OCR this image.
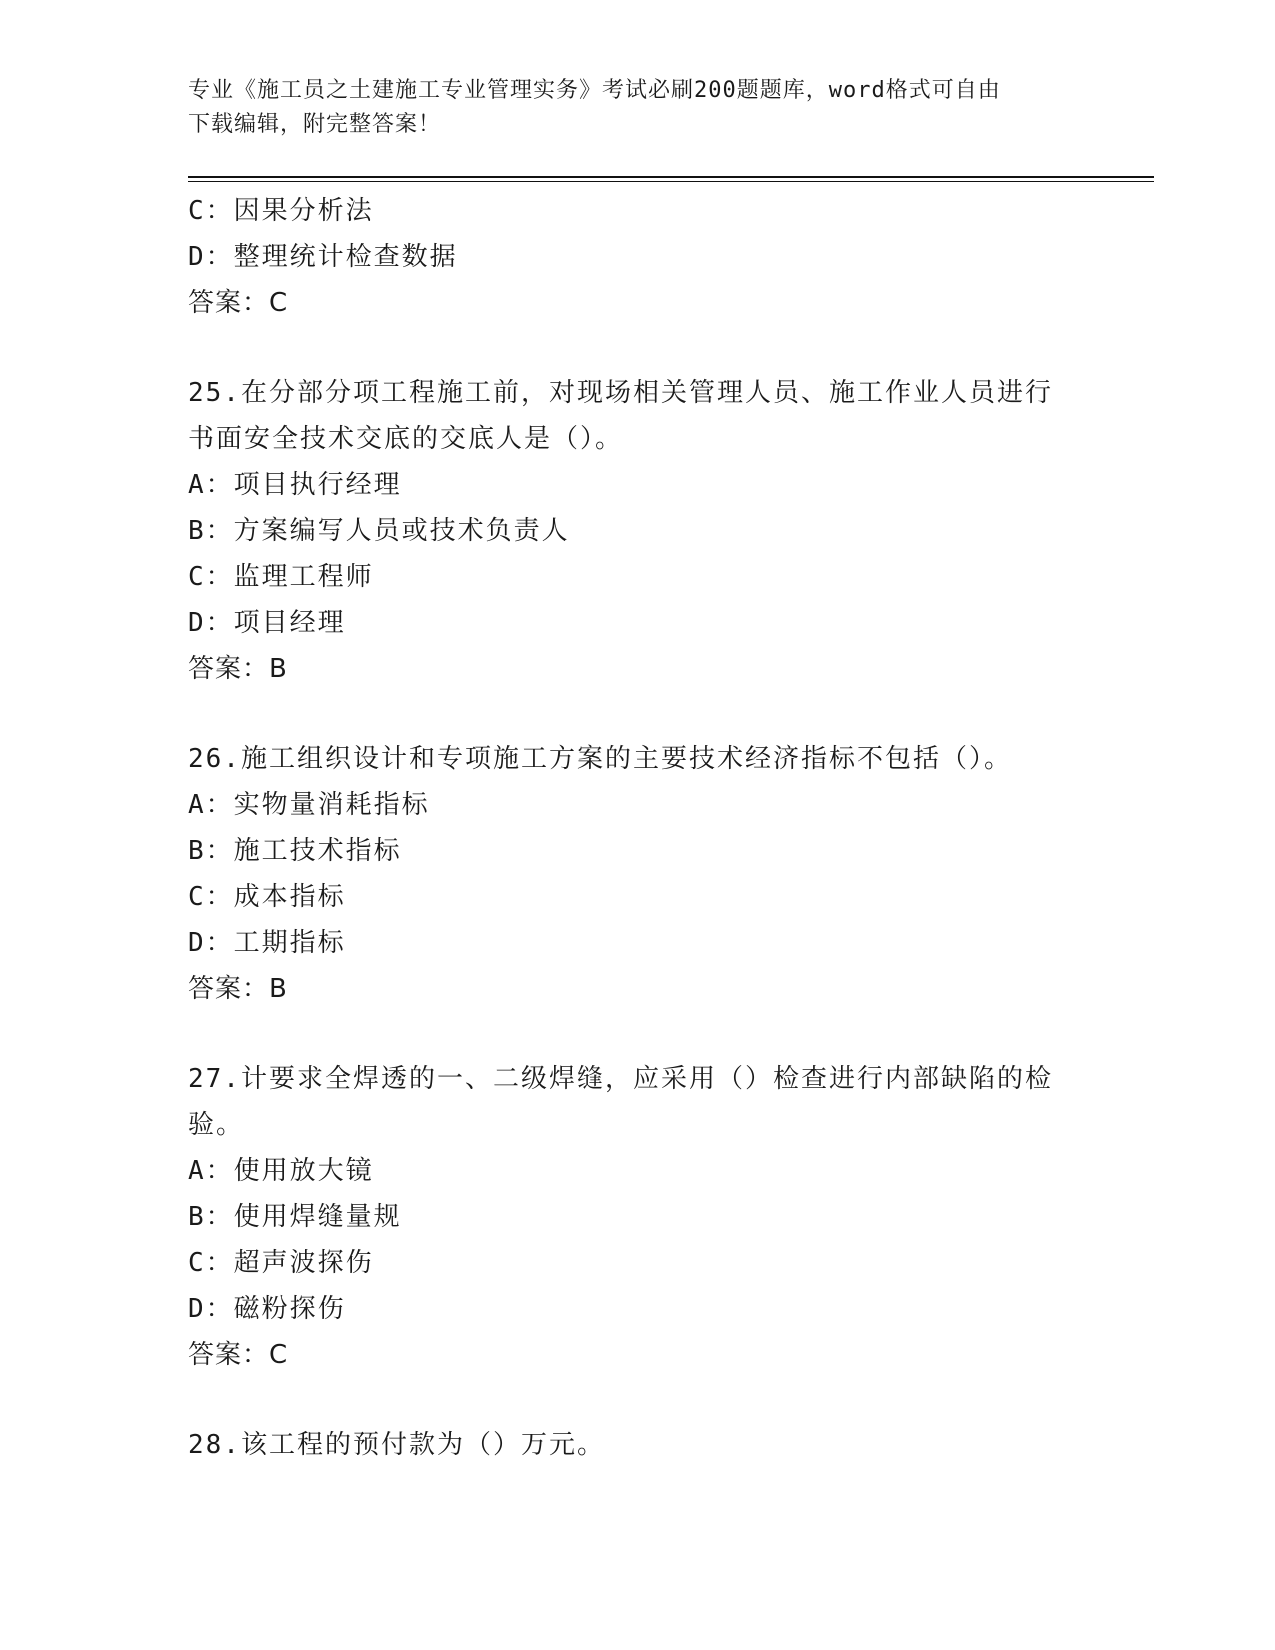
专业《施工员之土建施工专业管理实务》考试必刷200题题库，word格式可自由
下载编辑，附完整答案！
C：因果分析法
D：整理统计检查数据
答案：C
25.在分部分项工程施工前，对现场相关管理人员、施工作业人员进行
书面安全技术交底的交底人是（）。
A：项目执行经理
B：方案编写人员或技术负责人
C：监理工程师
D：项目经理
答案：B
26.施工组织设计和专项施工方案的主要技术经济指标不包括（）。
A：实物量消耗指标
B：施工技术指标
C：成本指标
D：工期指标
答案：B
27.计要求全焊透的一、二级焊缝，应采用（）检查进行内部缺陷的检
验。
A：使用放大镜
B：使用焊缝量规
C：超声波探伤
D：磁粉探伤
答案：C
28.该工程的预付款为（）万元。
